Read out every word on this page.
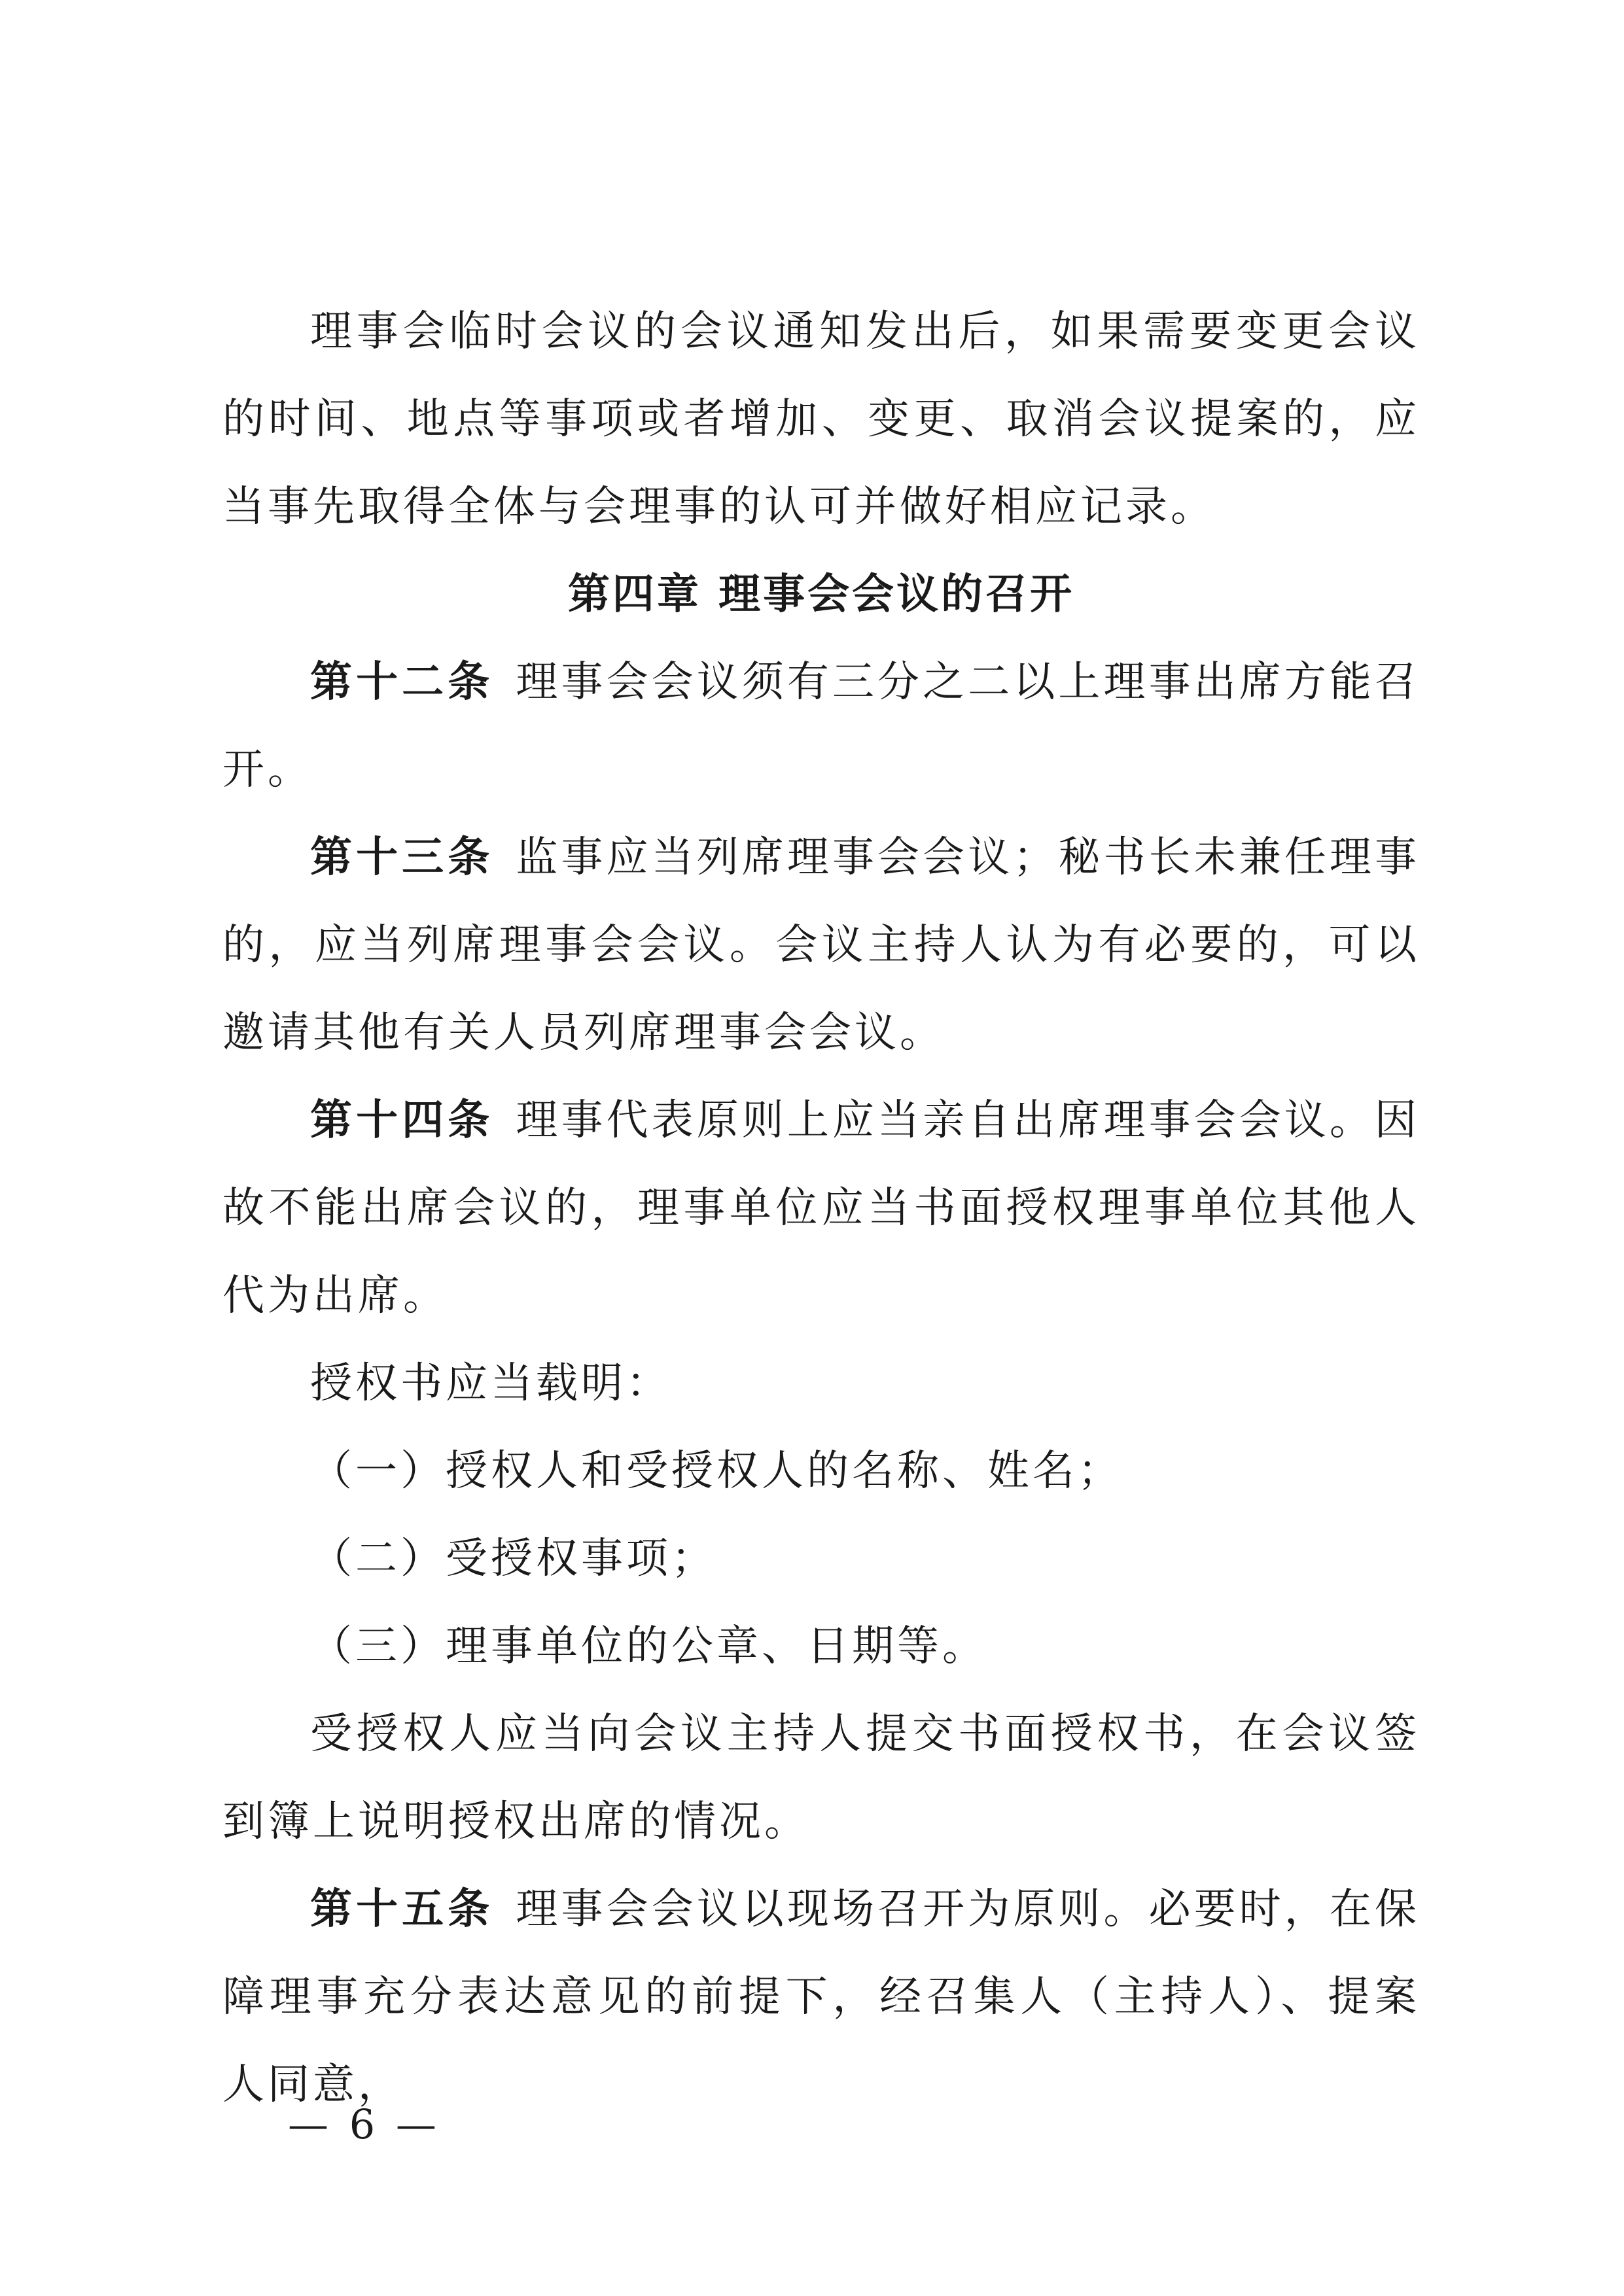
理事会临时会议的会议通知发出后，如果需要变更会议的时间、地点等事项或者增加、变更、取消会议提案的，应当事先取得全体与会理事的认可并做好相应记录。

第四章 理事会会议的召开

第十二条 理事会会议须有三分之二以上理事出席方能召开。

第十三条 监事应当列席理事会会议；秘书长未兼任理事的，应当列席理事会会议。会议主持人认为有必要的，可以邀请其他有关人员列席理事会会议。

第十四条 理事代表原则上应当亲自出席理事会会议。因故不能出席会议的，理事单位应当书面授权理事单位其他人代为出席。

授权书应当载明：

（一）授权人和受授权人的名称、姓名；

（二）受授权事项；

（三）理事单位的公章、日期等。

受授权人应当向会议主持人提交书面授权书，在会议签到簿上说明授权出席的情况。

第十五条 理事会会议以现场召开为原则。必要时，在保障理事充分表达意见的前提下，经召集人（主持人）、提案人同意，

— 6 —
